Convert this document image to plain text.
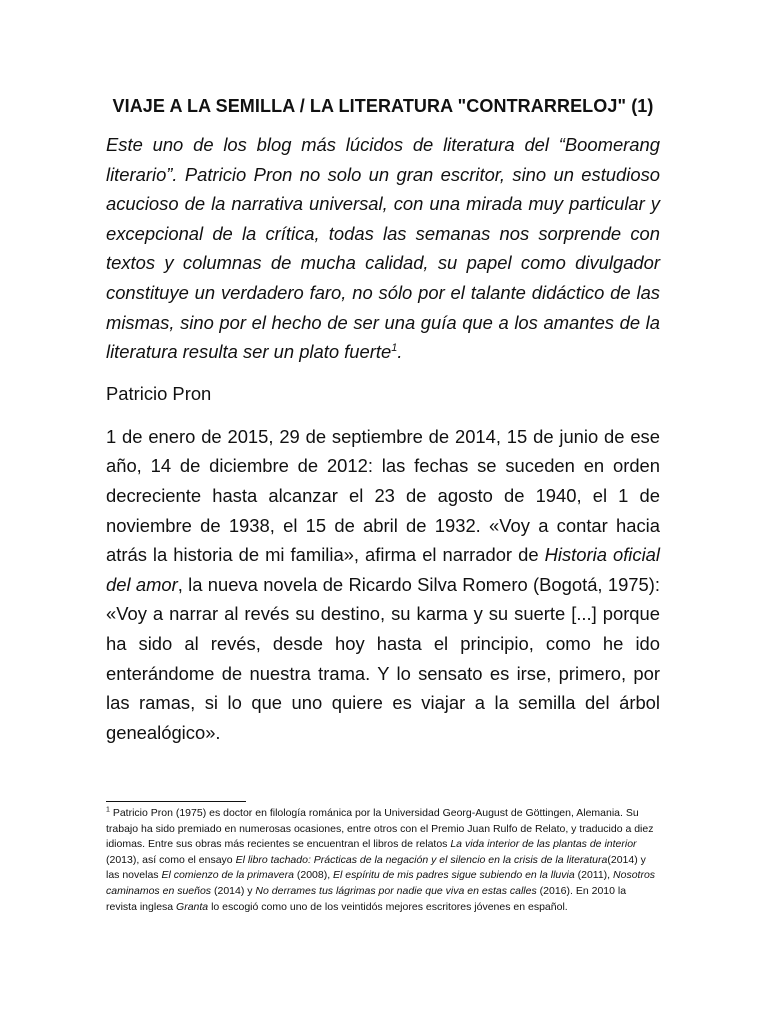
VIAJE A LA SEMILLA / LA LITERATURA "CONTRARRELOJ" (1)

Este uno de los blog más lúcidos de literatura del “Boomerang literario”. Patricio Pron no solo un gran escritor, sino un estudioso acucioso de la narrativa universal, con una mirada muy particular y excepcional de la crítica, todas las semanas nos sorprende con textos y columnas de mucha calidad, su papel como divulgador constituye un verdadero faro, no sólo por el talante didáctico de las mismas, sino por el hecho de ser una guía que a los amantes de la literatura resulta ser un plato fuerte$^1$.

Patricio Pron

1 de enero de 2015, 29 de septiembre de 2014, 15 de junio de ese año, 14 de diciembre de 2012: las fechas se suceden en orden decreciente hasta alcanzar el 23 de agosto de 1940, el 1 de noviembre de 1938, el 15 de abril de 1932. «Voy a contar hacia atrás la historia de mi familia», afirma el narrador de Historia oficial del amor, la nueva novela de Ricardo Silva Romero (Bogotá, 1975): «Voy a narrar al revés su destino, su karma y su suerte [...] porque ha sido al revés, desde hoy hasta el principio, como he ido enterándome de nuestra trama. Y lo sensato es irse, primero, por las ramas, si lo que uno quiere es viajar a la semilla del árbol genealógico».

$^1$ Patricio Pron (1975) es doctor en filología románica por la Universidad Georg-August de Göttingen, Alemania. Su trabajo ha sido premiado en numerosas ocasiones, entre otros con el Premio Juan Rulfo de Relato, y traducido a diez idiomas. Entre sus obras más recientes se encuentran el libros de relatos La vida interior de las plantas de interior (2013), así como el ensayo El libro tachado: Prácticas de la negación y el silencio en la crisis de la literatura(2014) y las novelas El comienzo de la primavera (2008), El espíritu de mis padres sigue subiendo en la lluvia (2011), Nosotros caminamos en sueños (2014) y No derrames tus lágrimas por nadie que viva en estas calles (2016). En 2010 la revista inglesa Granta lo escogió como uno de los veintidós mejores escritores jóvenes en español.
